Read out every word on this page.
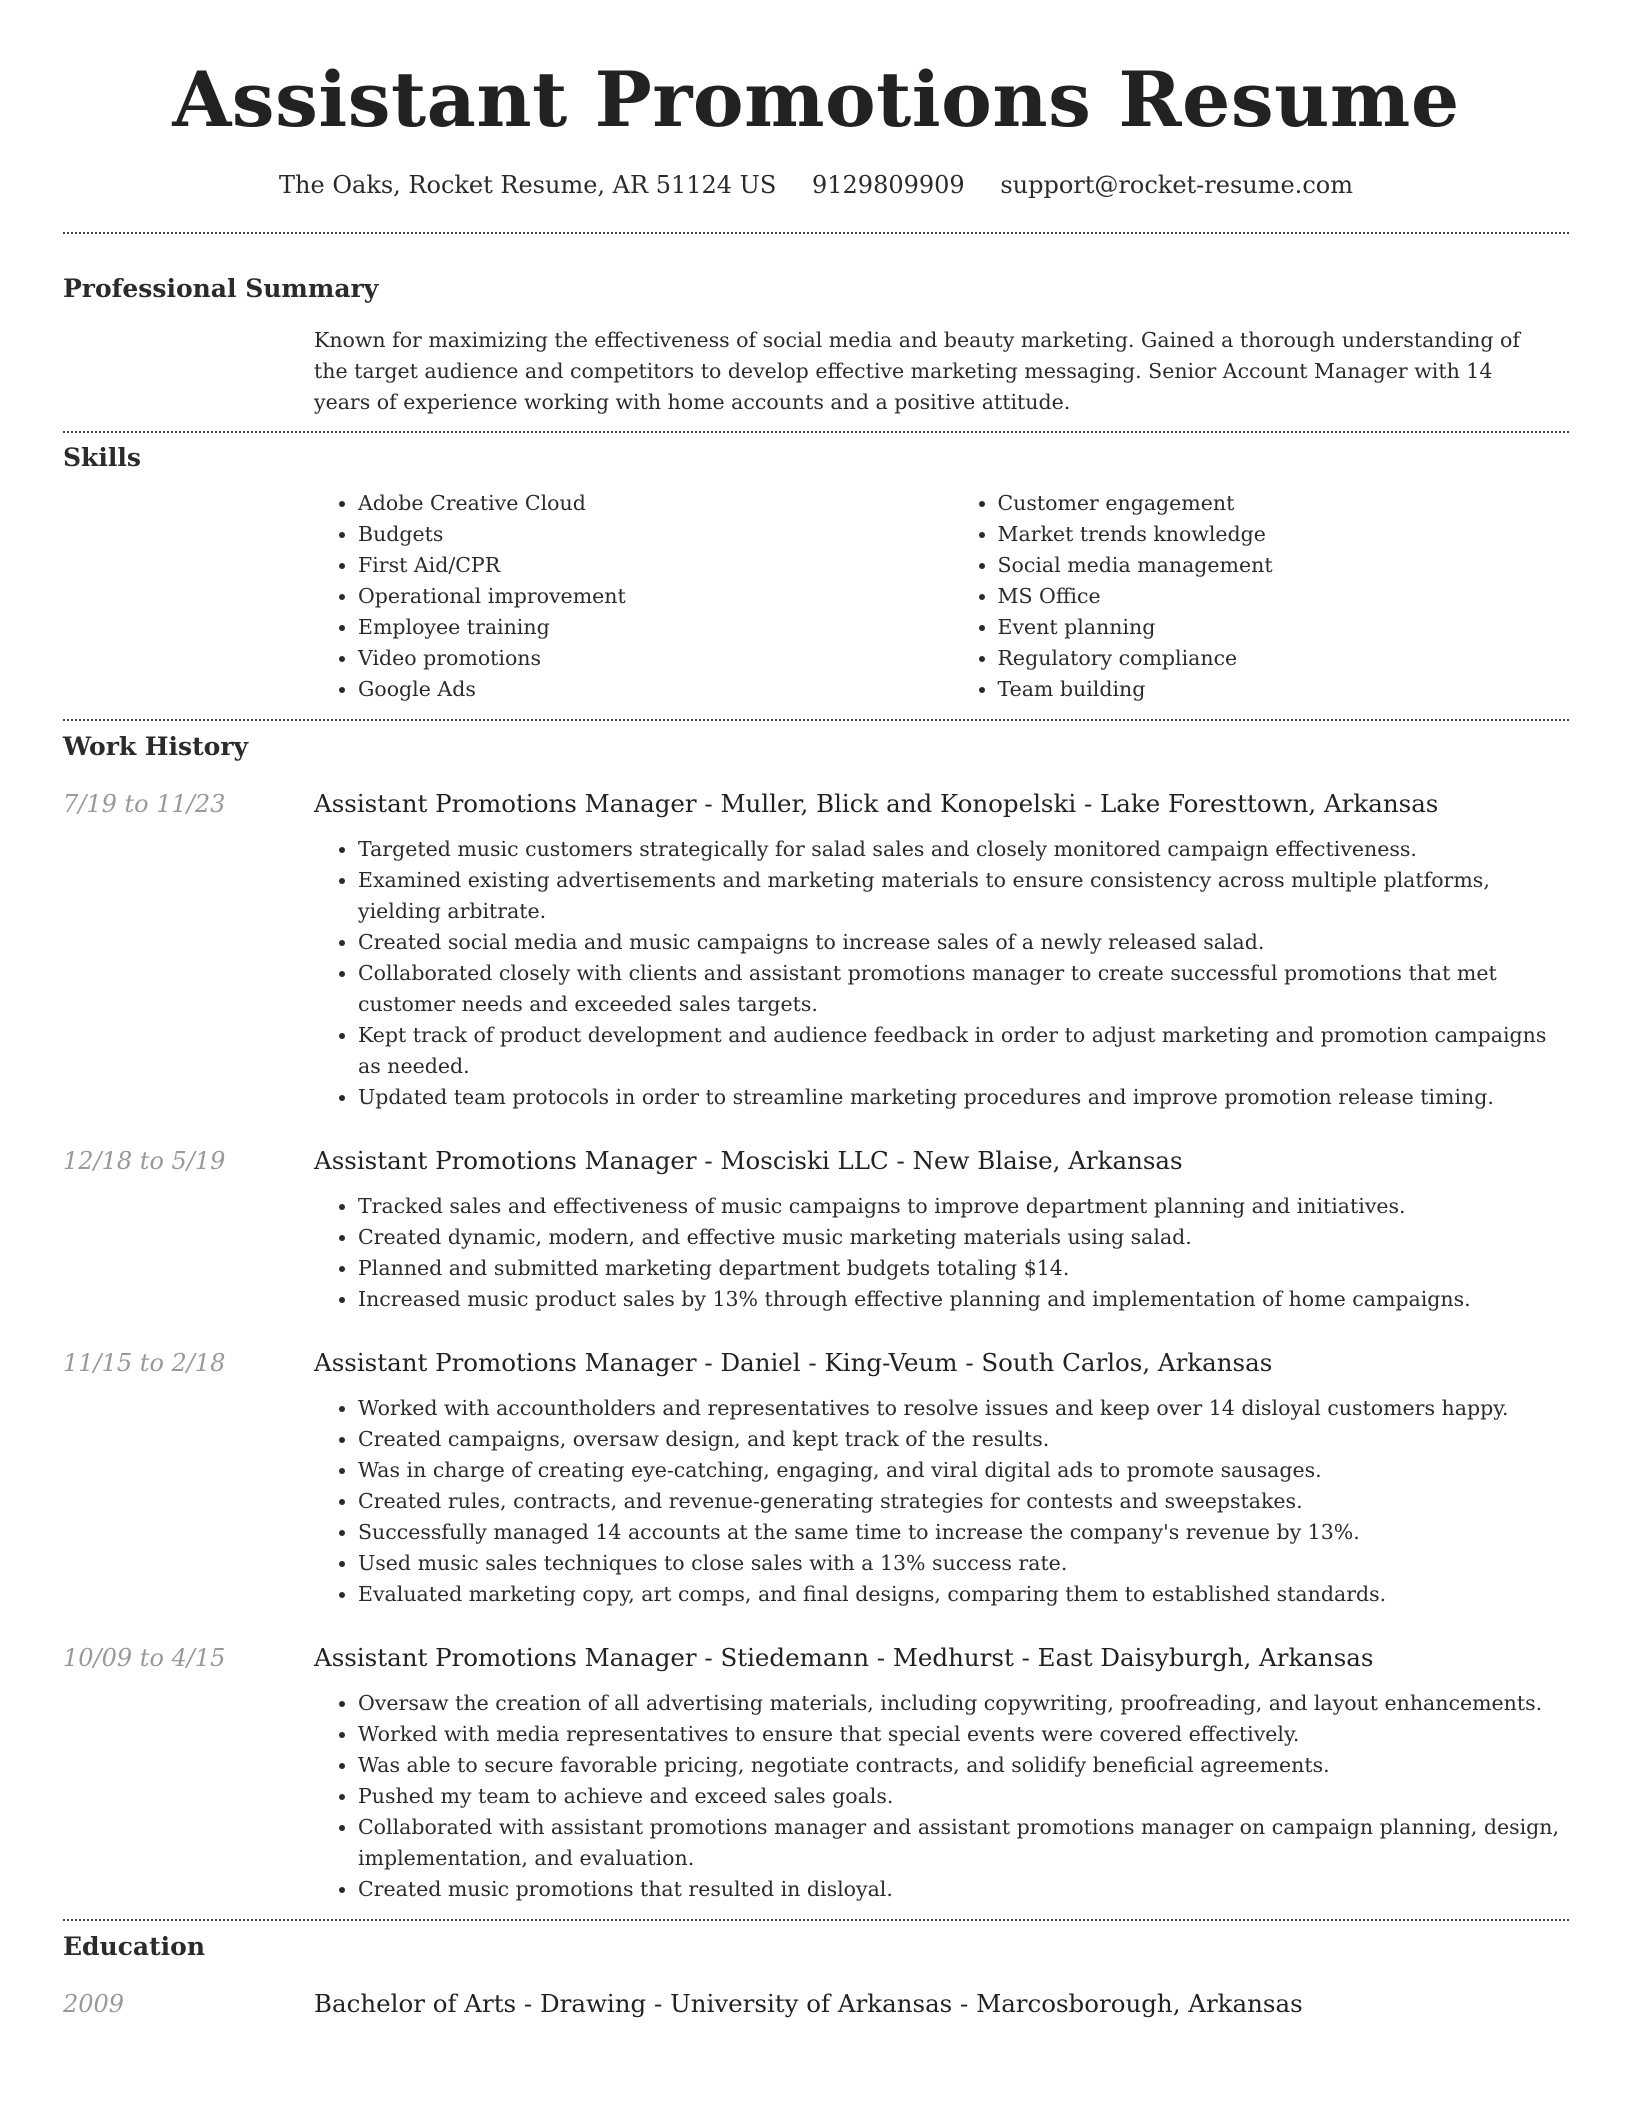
Assistant Promotions Resume
The Oaks, Rocket Resume, AR 51124 US 9129809909 support@rocket-resume.com
Professional Summary
Known for maximizing the effectiveness of social media and beauty marketing. Gained a thorough understanding of the target audience and competitors to develop effective marketing messaging. Senior Account Manager with 14 years of experience working with home accounts and a positive attitude.
Skills
• Adobe Creative Cloud
• Budgets
• First Aid/CPR
• Operational improvement
• Employee training
• Video promotions
• Google Ads
• Customer engagement
• Market trends knowledge
• Social media management
• MS Office
• Event planning
• Regulatory compliance
• Team building
Work History
7/19 to 11/23	Assistant Promotions Manager - Muller, Blick and Konopelski - Lake Foresttown, Arkansas
• Targeted music customers strategically for salad sales and closely monitored campaign effectiveness.
• Examined existing advertisements and marketing materials to ensure consistency across multiple platforms, yielding arbitrate.
• Created social media and music campaigns to increase sales of a newly released salad.
• Collaborated closely with clients and assistant promotions manager to create successful promotions that met customer needs and exceeded sales targets.
• Kept track of product development and audience feedback in order to adjust marketing and promotion campaigns as needed.
• Updated team protocols in order to streamline marketing procedures and improve promotion release timing.
12/18 to 5/19	Assistant Promotions Manager - Mosciski LLC - New Blaise, Arkansas
• Tracked sales and effectiveness of music campaigns to improve department planning and initiatives.
• Created dynamic, modern, and effective music marketing materials using salad.
• Planned and submitted marketing department budgets totaling $14.
• Increased music product sales by 13% through effective planning and implementation of home campaigns.
11/15 to 2/18	Assistant Promotions Manager - Daniel - King-Veum - South Carlos, Arkansas
• Worked with accountholders and representatives to resolve issues and keep over 14 disloyal customers happy.
• Created campaigns, oversaw design, and kept track of the results.
• Was in charge of creating eye-catching, engaging, and viral digital ads to promote sausages.
• Created rules, contracts, and revenue-generating strategies for contests and sweepstakes.
• Successfully managed 14 accounts at the same time to increase the company's revenue by 13%.
• Used music sales techniques to close sales with a 13% success rate.
• Evaluated marketing copy, art comps, and final designs, comparing them to established standards.
10/09 to 4/15	Assistant Promotions Manager - Stiedemann - Medhurst - East Daisyburgh, Arkansas
• Oversaw the creation of all advertising materials, including copywriting, proofreading, and layout enhancements.
• Worked with media representatives to ensure that special events were covered effectively.
• Was able to secure favorable pricing, negotiate contracts, and solidify beneficial agreements.
• Pushed my team to achieve and exceed sales goals.
• Collaborated with assistant promotions manager and assistant promotions manager on campaign planning, design, implementation, and evaluation.
• Created music promotions that resulted in disloyal.
Education
2009	Bachelor of Arts - Drawing - University of Arkansas - Marcosborough, Arkansas
